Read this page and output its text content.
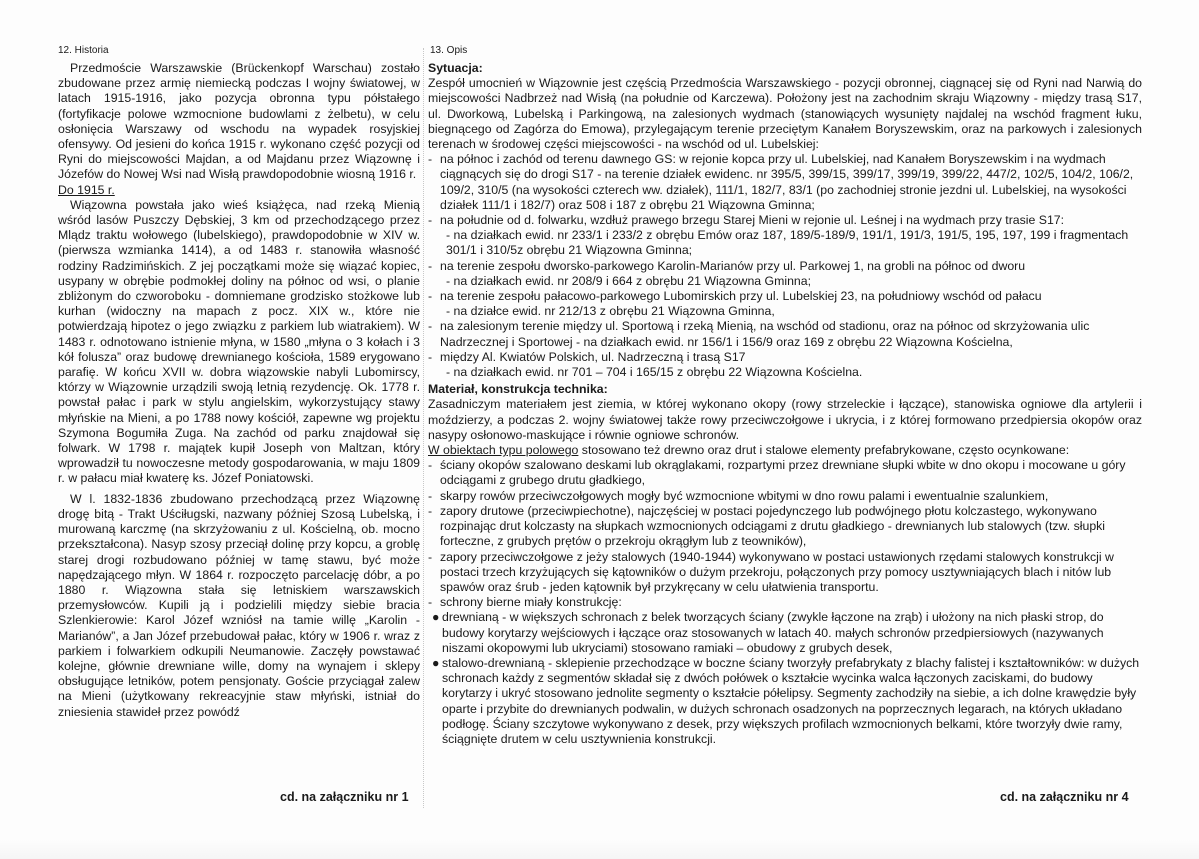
12. Historia

Przedmoście Warszawskie (Brückenkopf Warschau) zostało zbudowane przez armię niemiecką podczas I wojny światowej, w latach 1915-1916, jako pozycja obronna typu półstałego (fortyfikacje polowe wzmocnione budowlami z żelbetu), w celu osłonięcia Warszawy od wschodu na wypadek rosyjskiej ofensywy. Od jesieni do końca 1915 r. wykonano część pozycji od Ryni do miejscowości Majdan, a od Majdanu przez Wiązownę i Józefów do Nowej Wsi nad Wisłą prawdopodobnie wiosną 1916 r.

Do 1915 r.

Wiązowna powstała jako wieś książęca, nad rzeką Mienią wśród lasów Puszczy Dębskiej, 3 km od przechodzącego przez Mlądz traktu wołowego (lubelskiego), prawdopodobnie w XIV w. (pierwsza wzmianka 1414), a od 1483 r. stanowiła własność rodziny Radzimińskich. Z jej początkami może się wiązać kopiec, usypany w obrębie podmokłej doliny na północ od wsi, o planie zbliżonym do czworoboku - domniemane grodzisko stożkowe lub kurhan (widoczny na mapach z pocz. XIX w., które nie potwierdzają hipotez o jego związku z parkiem lub wiatrakiem). W 1483 r. odnotowano istnienie młyna, w 1580 „młyna o 3 kołach i 3 kół folusza” oraz budowę drewnianego kościoła, 1589 erygowano parafię. W końcu XVII w. dobra wiązowskie nabyli Lubomirscy, którzy w Wiązownie urządzili swoją letnią rezydencję. Ok. 1778 r. powstał pałac i park w stylu angielskim, wykorzystujący stawy młyńskie na Mieni, a po 1788 nowy kościół, zapewne wg projektu Szymona Bogumiła Zuga. Na zachód od parku znajdował się folwark. W 1798 r. majątek kupił Joseph von Maltzan, który wprowadził tu nowoczesne metody gospodarowania, w maju 1809 r. w pałacu miał kwaterę ks. Józef Poniatowski.

W l. 1832-1836 zbudowano przechodzącą przez Wiązownę drogę bitą - Trakt Uściługski, nazwany później Szosą Lubelską, i murowaną karczmę (na skrzyżowaniu z ul. Kościelną, ob. mocno przekształcona). Nasyp szosy przeciął dolinę przy kopcu, a groblę starej drogi rozbudowano później w tamę stawu, być może napędzającego młyn. W 1864 r. rozpoczęto parcelację dóbr, a po 1880 r. Wiązowna stała się letniskiem warszawskich przemysłowców. Kupili ją i podzielili między siebie bracia Szlenkierowie: Karol Józef wzniósł na tamie willę „Karolin - Marianów”, a Jan Józef przebudował pałac, który w 1906 r. wraz z parkiem i folwarkiem odkupili Neumanowie. Zaczęły powstawać kolejne, głównie drewniane wille, domy na wynajem i sklepy obsługujące letników, potem pensjonaty. Goście przyciągał zalew na Mieni (użytkowany rekreacyjnie staw młyński, istniał do zniesienia stawideł przez powódź

cd. na załączniku nr 1
13. Opis
Sytuacja:

Zespół umocnień w Wiązownie jest częścią Przedmościa Warszawskiego - pozycji obronnej, ciągnącej się od Ryni nad Narwią do miejscowości Nadbrzeż nad Wisłą (na południe od Karczewa). Położony jest na zachodnim skraju Wiązowny - między trasą S17, ul. Dworkową, Lubelską i Parkingową, na zalesionych wydmach (stanowiących wysunięty najdalej na wschód fragment łuku, biegnącego od Zagórza do Emowa), przylegającym terenie przeciętym Kanałem Boryszewskim, oraz na parkowych i zalesionych terenach w środowej części miejscowości - na wschód od ul. Lubelskiej:

- na północ i zachód od terenu dawnego GS: w rejonie kopca przy ul. Lubelskiej, nad Kanałem Boryszewskim i na wydmach ciągnących się do drogi S17 - na terenie działek ewidenc. nr 395/5, 399/15, 399/17, 399/19, 399/22, 447/2, 102/5, 104/2, 106/2, 109/2, 310/5 (na wysokości czterech ww. działek), 111/1, 182/7, 83/1 (po zachodniej stronie jezdni ul. Lubelskiej, na wysokości działek 111/1 i 182/7) oraz 508 i 187 z obrębu 21 Wiązowna Gminna;
- na południe od d. folwarku, wzdłuż prawego brzegu Starej Mieni w rejonie ul. Leśnej i na wydmach przy trasie S17:
- na działkach ewid. nr 233/1 i 233/2 z obrębu Emów oraz 187, 189/5-189/9, 191/1, 191/3, 191/5, 195, 197, 199 i fragmentach 301/1 i 310/5z obrębu 21 Wiązowna Gminna;
- na terenie zespołu dworsko-parkowego Karolin-Marianów przy ul. Parkowej 1, na grobli na północ od dworu
- na działkach ewid. nr 208/9 i 664 z obrębu 21 Wiązowna Gminna;
- na terenie zespołu pałacowo-parkowego Lubomirskich przy ul. Lubelskiej 23, na południowy wschód od pałacu
- na działce ewid. nr 212/13 z obrębu 21 Wiązowna Gminna,
- na zalesionym terenie między ul. Sportową i rzeką Mienią, na wschód od stadionu, oraz na północ od skrzyżowania ulic Nadrzecznej i Sportowej - na działkach ewid. nr 156/1 i 156/9 oraz 169 z obrębu 22 Wiązowna Kościelna,
- między Al. Kwiatów Polskich, ul. Nadrzeczną i trasą S17
- na działkach ewid. nr 701 – 704 i 165/15 z obrębu 22 Wiązowna Kościelna.
Materiał, konstrukcja technika:

Zasadniczym materiałem jest ziemia, w której wykonano okopy (rowy strzeleckie i łączące), stanowiska ogniowe dla artylerii i moździerzy, a podczas 2. wojny światowej także rowy przeciwczołgowe i ukrycia, i z której formowano przedpiersia okopów oraz nasypy osłonowo-maskujące i równie ogniowe schronów.

W obiektach typu polowego stosowano też drewno oraz drut i stalowe elementy prefabrykowane, często ocynkowane:
- ściany okopów szalowano deskami lub okrąglakami, rozpartymi przez drewniane słupki wbite w dno okopu i mocowane u góry odciągami z grubego drutu gładkiego,
- skarpy rowów przeciwczołgowych mogły być wzmocnione wbitymi w dno rowu palami i ewentualnie szalunkiem,
- zapory drutowe (przeciwpiechotne), najczęściej w postaci pojedynczego lub podwójnego płotu kolczastego, wykonywano rozpinając drut kolczasty na słupkach wzmocnionych odciągami z drutu gładkiego - drewnianych lub stalowych (tzw. słupki forteczne, z grubych prętów o przekroju okrągłym lub z teowników),
- zapory przeciwczołgowe z jeży stalowych (1940-1944) wykonywano w postaci ustawionych rzędami stalowych konstrukcji w postaci trzech krzyżujących się kątowników o dużym przekroju, połączonych przy pomocy usztywniających blach i nitów lub spawów oraz śrub - jeden kątownik był przykręcany w celu ułatwienia transportu.
- schrony bierne miały konstrukcję:
● drewnianą - w większych schronach z belek tworzących ściany (zwykle łączone na zrąb) i ułożony na nich płaski strop, do budowy korytarzy wejściowych i łączące oraz stosowanych w latach 40. małych schronów przedpiersiowych (nazywanych niszami okopowymi lub ukryciami) stosowano ramiaki – obudowy z grubych desek,
● stalowo-drewnianą - sklepienie przechodzące w boczne ściany tworzyły prefabrykaty z blachy falistej i kształtowników: w dużych schronach każdy z segmentów składał się z dwóch połówek o kształcie wycinka walca łączonych zaciskami, do budowy korytarzy i ukryć stosowano jednolite segmenty o kształcie półelipsy. Segmenty zachodziły na siebie, a ich dolne krawędzie były oparte i przybite do drewnianych podwalin, w dużych schronach osadzonych na poprzecznych legarach, na których układano podłogę. Ściany szczytowe wykonywano z desek, przy większych profilach wzmocnionych belkami, które tworzyły dwie ramy, ściągnięte drutem w celu usztywnienia konstrukcji.
cd. na załączniku nr 4
